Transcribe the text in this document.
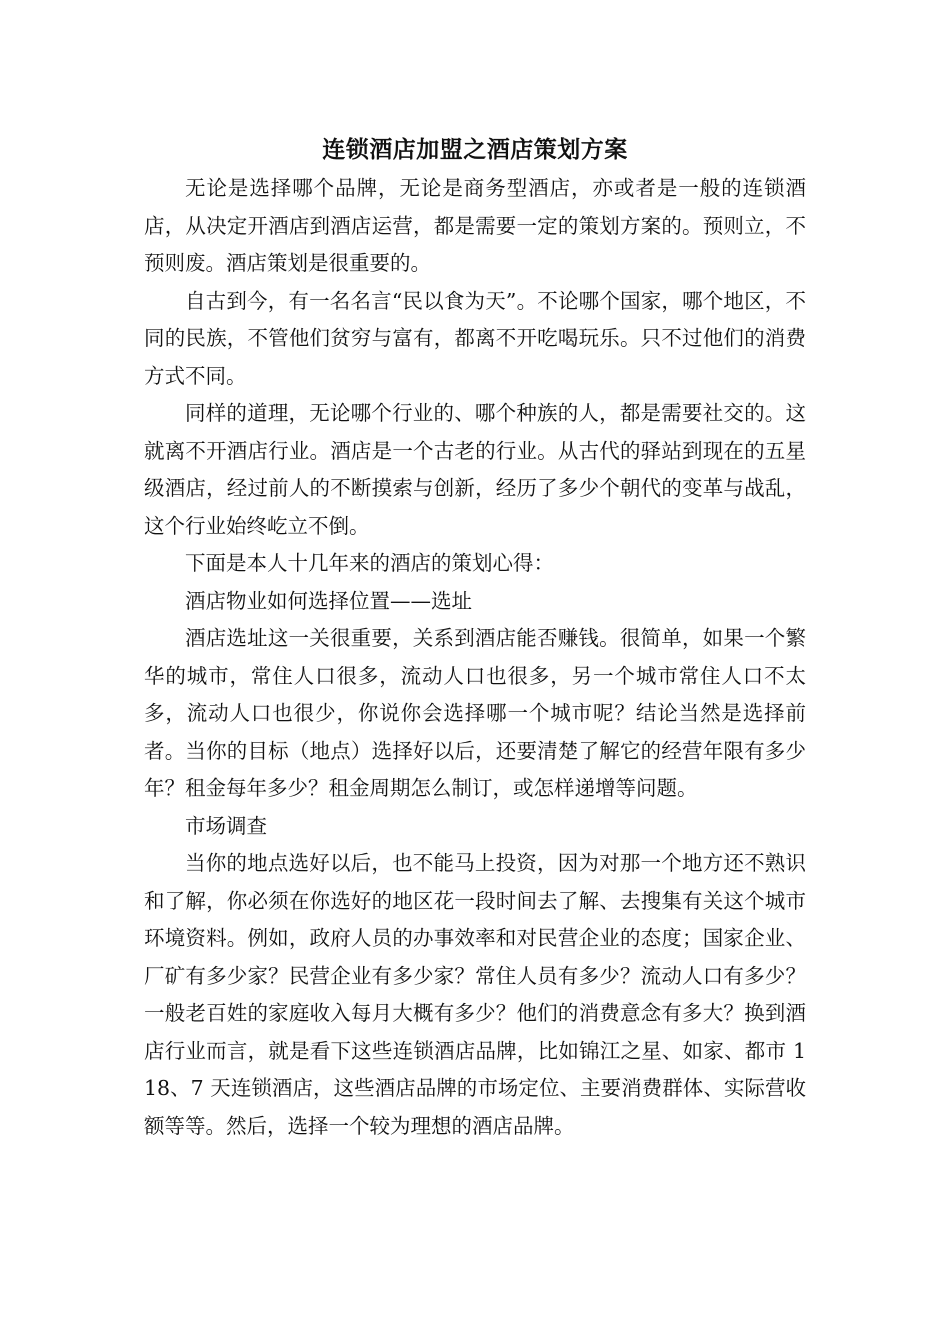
连锁酒店加盟之酒店策划方案

无论是选择哪个品牌，无论是商务型酒店，亦或者是一般的连锁酒店，从决定开酒店到酒店运营，都是需要一定的策划方案的。预则立，不预则废。酒店策划是很重要的。

自古到今，有一名名言“民以食为天”。不论哪个国家，哪个地区，不同的民族，不管他们贫穷与富有，都离不开吃喝玩乐。只不过他们的消费方式不同。

同样的道理，无论哪个行业的、哪个种族的人，都是需要社交的。这就离不开酒店行业。酒店是一个古老的行业。从古代的驿站到现在的五星级酒店，经过前人的不断摸索与创新，经历了多少个朝代的变革与战乱，这个行业始终屹立不倒。

下面是本人十几年来的酒店的策划心得：

酒店物业如何选择位置——选址

酒店选址这一关很重要，关系到酒店能否赚钱。很简单，如果一个繁华的城市，常住人口很多，流动人口也很多，另一个城市常住人口不太多，流动人口也很少，你说你会选择哪一个城市呢？结论当然是选择前者。当你的目标（地点）选择好以后，还要清楚了解它的经营年限有多少年？租金每年多少？租金周期怎么制订，或怎样递增等问题。

市场调查

当你的地点选好以后，也不能马上投资，因为对那一个地方还不熟识和了解，你必须在你选好的地区花一段时间去了解、去搜集有关这个城市环境资料。例如，政府人员的办事效率和对民营企业的态度；国家企业、厂矿有多少家？民营企业有多少家？常住人员有多少？流动人口有多少？一般老百姓的家庭收入每月大概有多少？他们的消费意念有多大？换到酒店行业而言，就是看下这些连锁酒店品牌，比如锦江之星、如家、都市 118、7 天连锁酒店，这些酒店品牌的市场定位、主要消费群体、实际营收额等等。然后，选择一个较为理想的酒店品牌。
